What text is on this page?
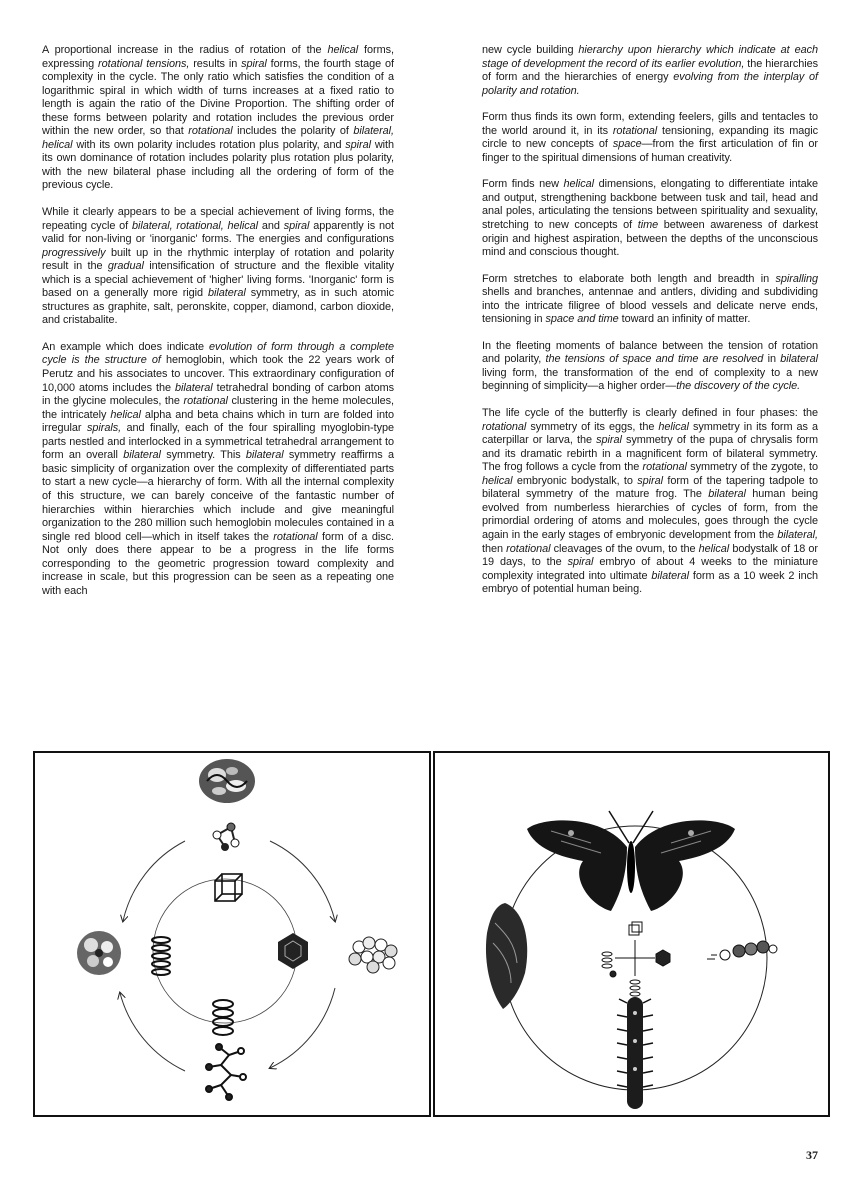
A proportional increase in the radius of rotation of the helical forms, expressing rotational tensions, results in spiral forms, the fourth stage of complexity in the cycle. The only ratio which satisfies the condition of a logarithmic spiral in which width of turns increases at a fixed ratio to length is again the ratio of the Divine Proportion. The shifting order of these forms between polarity and rotation includes the previous order within the new order, so that rotational includes the polarity of bilateral, helical with its own polarity includes rotation plus polarity, and spiral with its own dominance of rotation includes polarity plus rotation plus polarity, with the new bilateral phase including all the ordering of form of the previous cycle.

While it clearly appears to be a special achievement of living forms, the repeating cycle of bilateral, rotational, helical and spiral apparently is not valid for non-living or 'inorganic' forms. The energies and configurations progressively built up in the rhythmic interplay of rotation and polarity result in the gradual intensification of structure and the flexible vitality which is a special achievement of 'higher' living forms. 'Inorganic' form is based on a generally more rigid bilateral symmetry, as in such atomic structures as graphite, salt, peronskite, copper, diamond, carbon dioxide, and cristabalite.

An example which does indicate evolution of form through a complete cycle is the structure of hemoglobin, which took the 22 years work of Perutz and his associates to uncover. This extraordinary configuration of 10,000 atoms includes the bilateral tetrahedral bonding of carbon atoms in the glycine molecules, the rotational clustering in the heme molecules, the intricately helical alpha and beta chains which in turn are folded into irregular spirals, and finally, each of the four spiralling myoglobin-type parts nestled and interlocked in a symmetrical tetrahedral arrangement to form an overall bilateral symmetry. This bilateral symmetry reaffirms a basic simplicity of organization over the complexity of differentiated parts to start a new cycle—a hierarchy of form. With all the internal complexity of this structure, we can barely conceive of the fantastic number of hierarchies within hierarchies which include and give meaningful organization to the 280 million such hemoglobin molecules contained in a single red blood cell—which in itself takes the rotational form of a disc. Not only does there appear to be a progress in the life forms corresponding to the geometric progression toward complexity and increase in scale, but this progression can be seen as a repeating one with each

new cycle building hierarchy upon hierarchy which indicate at each stage of development the record of its earlier evolution, the hierarchies of form and the hierarchies of energy evolving from the interplay of polarity and rotation.

Form thus finds its own form, extending feelers, gills and tentacles to the world around it, in its rotational tensioning, expanding its magic circle to new concepts of space—from the first articulation of fin or finger to the spiritual dimensions of human creativity.

Form finds new helical dimensions, elongating to differentiate intake and output, strengthening backbone between tusk and tail, head and anal poles, articulating the tensions between spirituality and sexuality, stretching to new concepts of time between awareness of darkest origin and highest aspiration, between the depths of the unconscious mind and conscious thought.

Form stretches to elaborate both length and breadth in spiralling shells and branches, antennae and antlers, dividing and subdividing into the intricate filigree of blood vessels and delicate nerve ends, tensioning in space and time toward an infinity of matter.

In the fleeting moments of balance between the tension of rotation and polarity, the tensions of space and time are resolved in bilateral living form, the transformation of the end of complexity to a new beginning of simplicity—a higher order—the discovery of the cycle.

The life cycle of the butterfly is clearly defined in four phases: the rotational symmetry of its eggs, the helical symmetry in its form as a caterpillar or larva, the spiral symmetry of the pupa of chrysalis form and its dramatic rebirth in a magnificent form of bilateral symmetry. The frog follows a cycle from the rotational symmetry of the zygote, to helical embryonic bodystalk, to spiral form of the tapering tadpole to bilateral symmetry of the mature frog. The bilateral human being evolved from numberless hierarchies of cycles of form, from the primordial ordering of atoms and molecules, goes through the cycle again in the early stages of embryonic development from the bilateral, then rotational cleavages of the ovum, to the helical bodystalk of 18 or 19 days, to the spiral embryo of about 4 weeks to the miniature complexity integrated into ultimate bilateral form as a 10 week 2 inch embryo of potential human being.

37
